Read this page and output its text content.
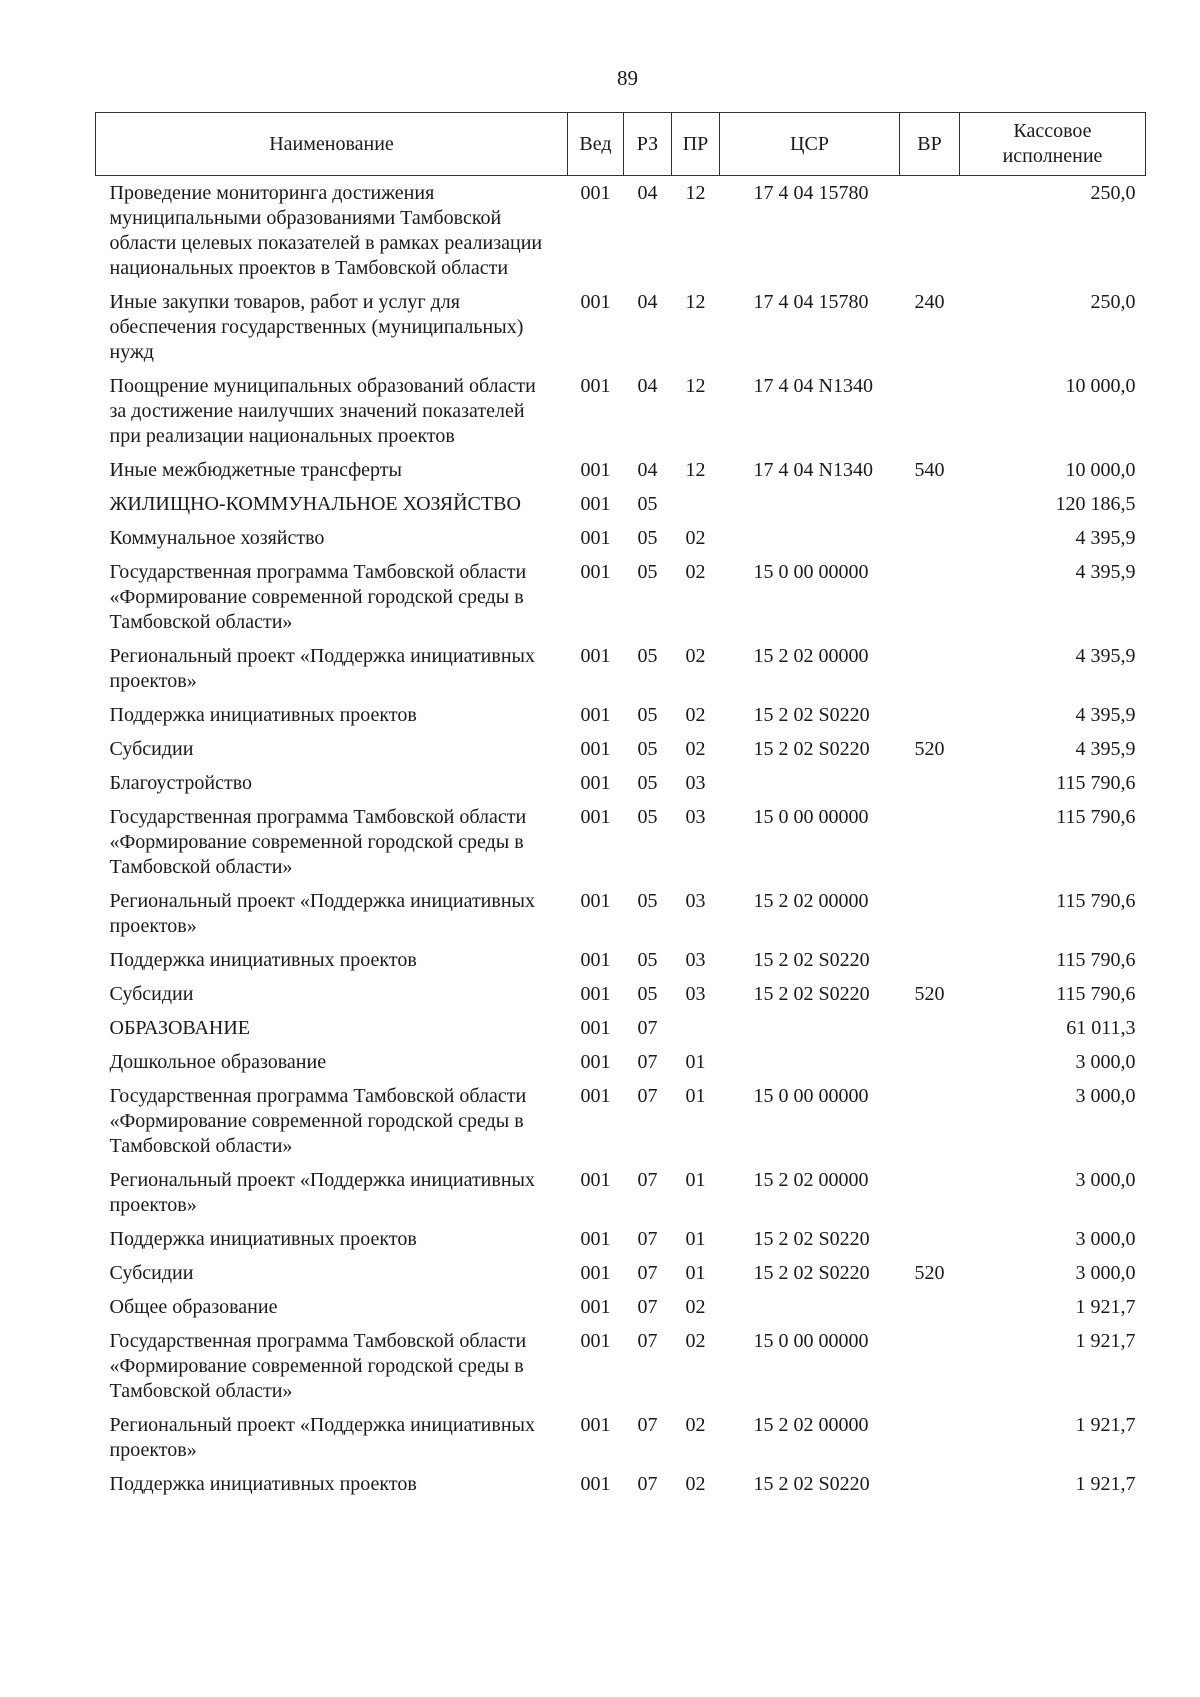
89
Наименование	Вед	РЗ	ПР	ЦСР	ВР	Кассовое исполнение
Проведение мониторинга достижения муниципальными образованиями Тамбовской области целевых показателей в рамках реализации национальных проектов в Тамбовской области	001	04	12	17 4 04 15780		250,0
Иные закупки товаров, работ и услуг для обеспечения государственных (муниципальных) нужд	001	04	12	17 4 04 15780	240	250,0
Поощрение муниципальных образований области за достижение наилучших значений показателей при реализации национальных проектов	001	04	12	17 4 04 N1340		10 000,0
Иные межбюджетные трансферты	001	04	12	17 4 04 N1340	540	10 000,0
ЖИЛИЩНО-КОММУНАЛЬНОЕ ХОЗЯЙСТВО	001	05				120 186,5
Коммунальное хозяйство	001	05	02			4 395,9
Государственная программа Тамбовской области «Формирование современной городской среды в Тамбовской области»	001	05	02	15 0 00 00000		4 395,9
Региональный проект «Поддержка инициативных проектов»	001	05	02	15 2 02 00000		4 395,9
Поддержка инициативных проектов	001	05	02	15 2 02 S0220		4 395,9
Субсидии	001	05	02	15 2 02 S0220	520	4 395,9
Благоустройство	001	05	03			115 790,6
Государственная программа Тамбовской области «Формирование современной городской среды в Тамбовской области»	001	05	03	15 0 00 00000		115 790,6
Региональный проект «Поддержка инициативных проектов»	001	05	03	15 2 02 00000		115 790,6
Поддержка инициативных проектов	001	05	03	15 2 02 S0220		115 790,6
Субсидии	001	05	03	15 2 02 S0220	520	115 790,6
ОБРАЗОВАНИЕ	001	07				61 011,3
Дошкольное образование	001	07	01			3 000,0
Государственная программа Тамбовской области «Формирование современной городской среды в Тамбовской области»	001	07	01	15 0 00 00000		3 000,0
Региональный проект «Поддержка инициативных проектов»	001	07	01	15 2 02 00000		3 000,0
Поддержка инициативных проектов	001	07	01	15 2 02 S0220		3 000,0
Субсидии	001	07	01	15 2 02 S0220	520	3 000,0
Общее образование	001	07	02			1 921,7
Государственная программа Тамбовской области «Формирование современной городской среды в Тамбовской области»	001	07	02	15 0 00 00000		1 921,7
Региональный проект «Поддержка инициативных проектов»	001	07	02	15 2 02 00000		1 921,7
Поддержка инициативных проектов	001	07	02	15 2 02 S0220		1 921,7
